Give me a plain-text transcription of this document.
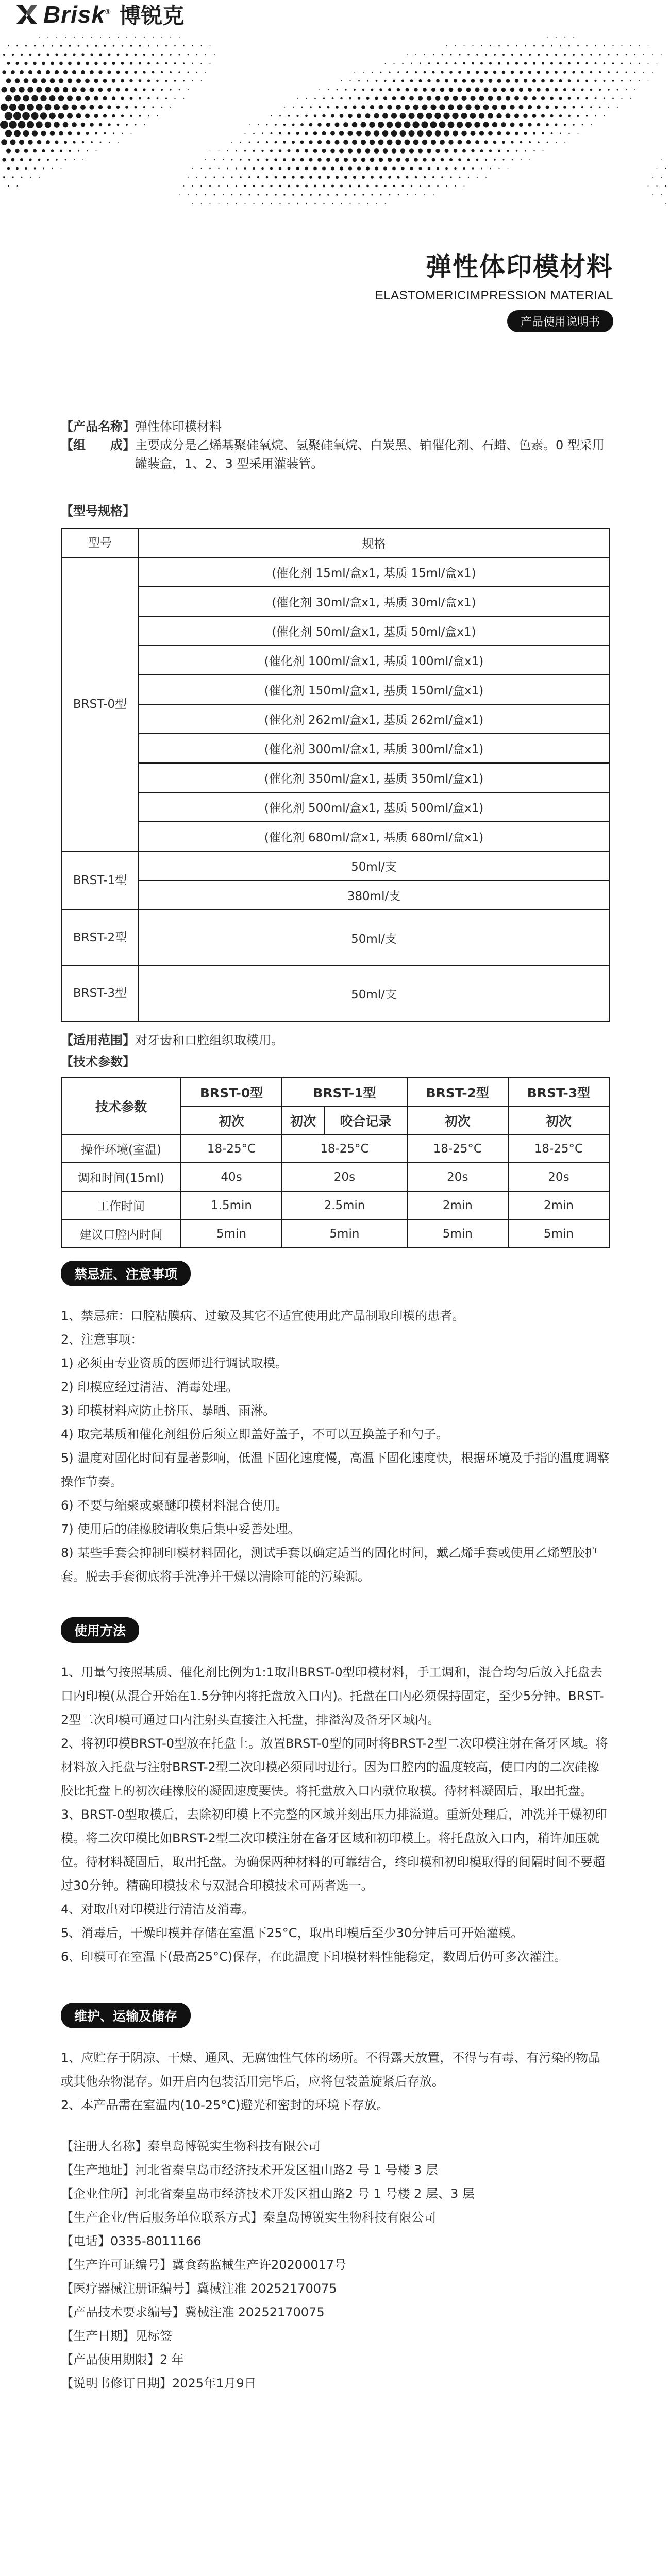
Brisk® 博锐克
弹性体印模材料
ELASTOMERICIMPRESSION MATERIAL
产品使用说明书
【产品名称】弹性体印模材料
【组　　成】 主要成分是乙烯基聚硅氧烷、氢聚硅氧烷、白炭黑、铂催化剂、石蜡、色素。0 型采用罐装盒，1、2、3 型采用灌装管。
【型号规格】
型号	规格
BRST-0型	(催化剂 15ml/盒x1, 基质 15ml/盒x1)
	(催化剂 30ml/盒x1, 基质 30ml/盒x1)
	(催化剂 50ml/盒x1, 基质 50ml/盒x1)
	(催化剂 100ml/盒x1, 基质 100ml/盒x1)
	(催化剂 150ml/盒x1, 基质 150ml/盒x1)
	(催化剂 262ml/盒x1, 基质 262ml/盒x1)
	(催化剂 300ml/盒x1, 基质 300ml/盒x1)
	(催化剂 350ml/盒x1, 基质 350ml/盒x1)
	(催化剂 500ml/盒x1, 基质 500ml/盒x1)
	(催化剂 680ml/盒x1, 基质 680ml/盒x1)
BRST-1型	50ml/支
	380ml/支
BRST-2型	50ml/支
BRST-3型	50ml/支
【适用范围】对牙齿和口腔组织取模用。
【技术参数】
技术参数	BRST-0型	BRST-1型		BRST-2型	BRST-3型
	初次	初次	咬合记录	初次	初次
操作环境(室温)	18-25°C	18-25°C		18-25°C	18-25°C
调和时间(15ml)	40s	20s		20s	20s
工作时间	1.5min	2.5min		2min	2min
建议口腔内时间	5min	5min		5min	5min
禁忌症、注意事项
1、禁忌症：口腔粘膜病、过敏及其它不适宜使用此产品制取印模的患者。
2、注意事项：
1) 必须由专业资质的医师进行调试取模。
2) 印模应经过清洁、消毒处理。
3) 印模材料应防止挤压、暴晒、雨淋。
4) 取完基质和催化剂组份后须立即盖好盖子，不可以互换盖子和勺子。
5) 温度对固化时间有显著影响，低温下固化速度慢，高温下固化速度快，根据环境及手指的温度调整操作节奏。
6) 不要与缩聚或聚醚印模材料混合使用。
7) 使用后的硅橡胶请收集后集中妥善处理。
8) 某些手套会抑制印模材料固化，测试手套以确定适当的固化时间，戴乙烯手套或使用乙烯塑胶护套。脱去手套彻底将手洗净并干燥以清除可能的污染源。
使用方法
1、用量勺按照基质、催化剂比例为1:1取出BRST-0型印模材料，手工调和，混合均匀后放入托盘去口内印模(从混合开始在1.5分钟内将托盘放入口内)。托盘在口内必须保持固定，至少5分钟。BRST-2型二次印模可通过口内注射头直接注入托盘，排溢沟及备牙区域内。
2、将初印模BRST-0型放在托盘上。放置BRST-0型的同时将BRST-2型二次印模注射在备牙区域。将材料放入托盘与注射BRST-2型二次印模必须同时进行。因为口腔内的温度较高，使口内的二次硅橡胶比托盘上的初次硅橡胶的凝固速度要快。将托盘放入口内就位取模。待材料凝固后，取出托盘。
3、BRST-0型取模后，去除初印模上不完整的区域并刻出压力排溢道。重新处理后，冲洗并干燥初印模。将二次印模比如BRST-2型二次印模注射在备牙区域和初印模上。将托盘放入口内，稍许加压就位。待材料凝固后，取出托盘。为确保两种材料的可靠结合，终印模和初印模取得的间隔时间不要超过30分钟。精确印模技术与双混合印模技术可两者选一。
4、对取出对印模进行清洁及消毒。
5、消毒后，干燥印模并存储在室温下25°C，取出印模后至少30分钟后可开始灌模。
6、印模可在室温下(最高25°C)保存，在此温度下印模材料性能稳定，数周后仍可多次灌注。
维护、运输及储存
1、应贮存于阴凉、干燥、通风、无腐蚀性气体的场所。不得露天放置，不得与有毒、有污染的物品或其他杂物混存。如开启内包装活用完毕后，应将包装盖旋紧后存放。
2、本产品需在室温内(10-25°C)避光和密封的环境下存放。
【注册人名称】秦皇岛博锐实生物科技有限公司
【生产地址】河北省秦皇岛市经济技术开发区祖山路2 号 1 号楼 3 层
【企业住所】河北省秦皇岛市经济技术开发区祖山路2 号 1 号楼 2 层、3 层
【生产企业/售后服务单位联系方式】秦皇岛博锐实生物科技有限公司
【电话】0335-8011166
【生产许可证编号】冀食药监械生产许20200017号
【医疗器械注册证编号】冀械注准 20252170075
【产品技术要求编号】冀械注准 20252170075
【生产日期】见标签
【产品使用期限】2 年
【说明书修订日期】2025年1月9日
